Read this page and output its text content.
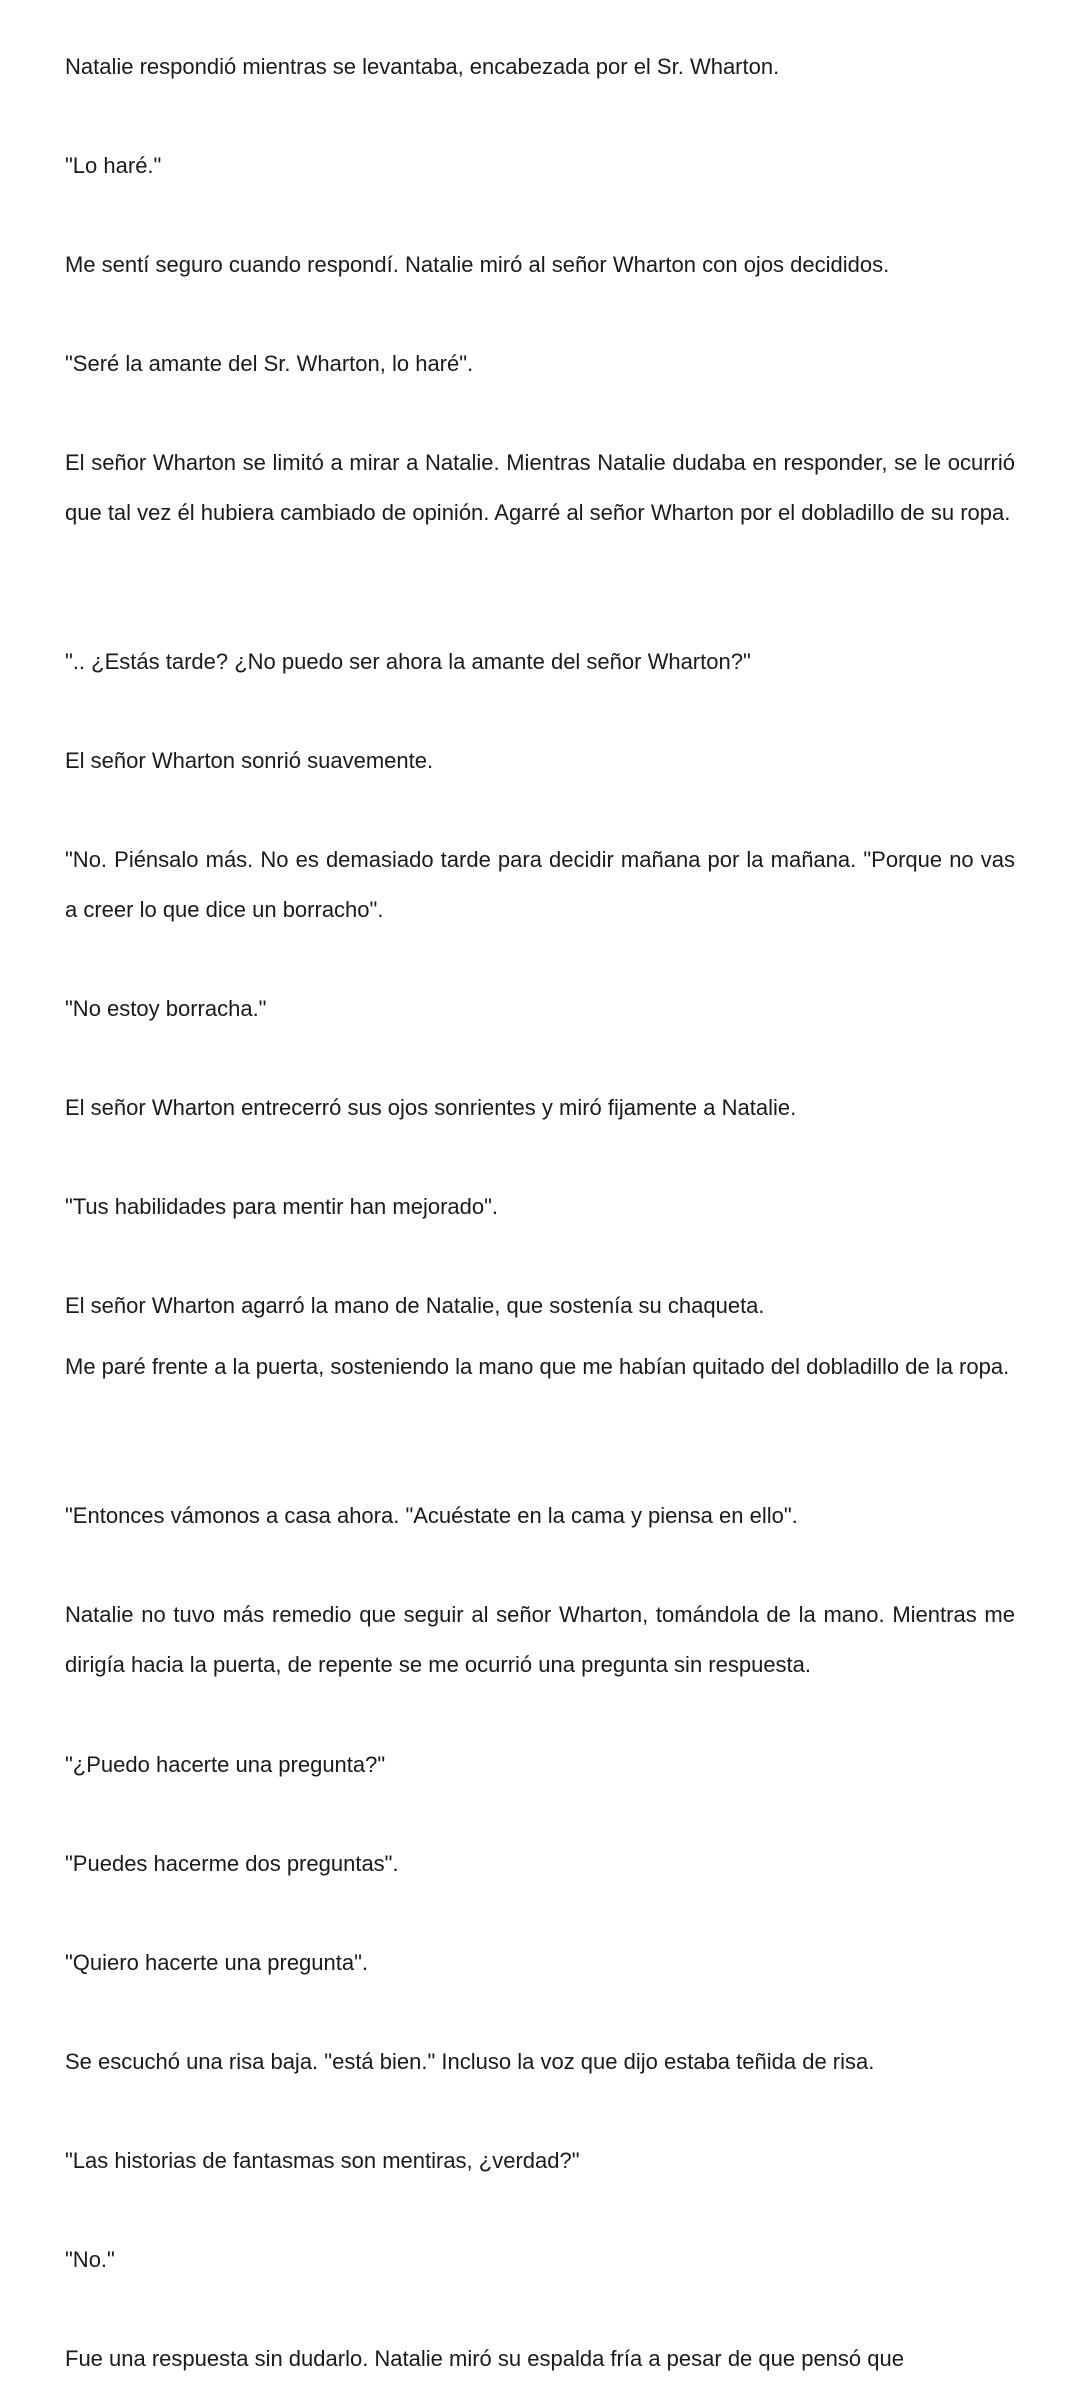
Natalie respondió mientras se levantaba, encabezada por el Sr. Wharton.

"Lo haré."

Me sentí seguro cuando respondí. Natalie miró al señor Wharton con ojos decididos.

"Seré la amante del Sr. Wharton, lo haré".

El señor Wharton se limitó a mirar a Natalie. Mientras Natalie dudaba en responder, se le ocurrió que tal vez él hubiera cambiado de opinión. Agarré al señor Wharton por el dobladillo de su ropa.

".. ¿Estás tarde? ¿No puedo ser ahora la amante del señor Wharton?"

El señor Wharton sonrió suavemente.

"No. Piénsalo más. No es demasiado tarde para decidir mañana por la mañana. "Porque no vas a creer lo que dice un borracho".

"No estoy borracha."

El señor Wharton entrecerró sus ojos sonrientes y miró fijamente a Natalie.

"Tus habilidades para mentir han mejorado".

El señor Wharton agarró la mano de Natalie, que sostenía su chaqueta.

Me paré frente a la puerta, sosteniendo la mano que me habían quitado del dobladillo de la ropa.

"Entonces vámonos a casa ahora. "Acuéstate en la cama y piensa en ello".

Natalie no tuvo más remedio que seguir al señor Wharton, tomándola de la mano. Mientras me dirigía hacia la puerta, de repente se me ocurrió una pregunta sin respuesta.

"¿Puedo hacerte una pregunta?"

"Puedes hacerme dos preguntas".

"Quiero hacerte una pregunta".

Se escuchó una risa baja. "está bien." Incluso la voz que dijo estaba teñida de risa.

"Las historias de fantasmas son mentiras, ¿verdad?"

"No."

Fue una respuesta sin dudarlo. Natalie miró su espalda fría a pesar de que pensó que
